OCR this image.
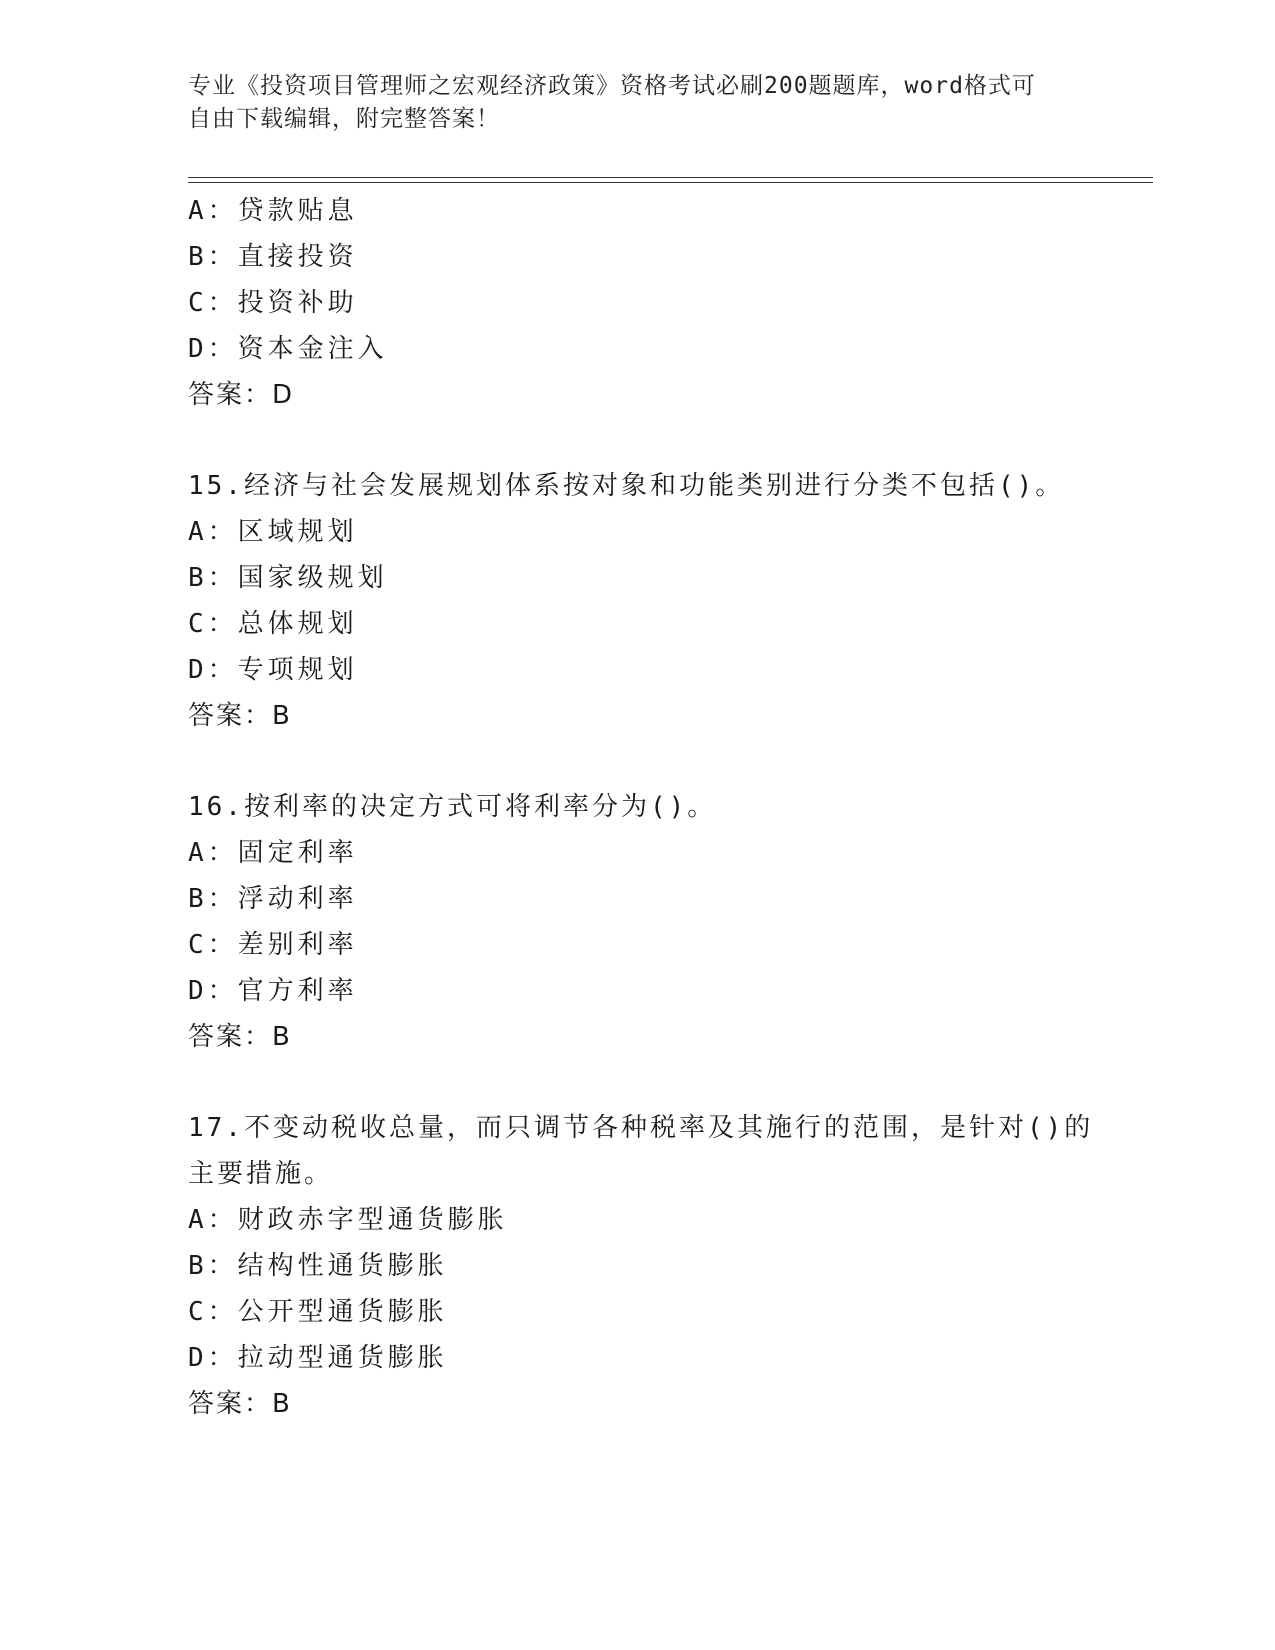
专业《投资项目管理师之宏观经济政策》资格考试必刷200题题库，word格式可
自由下载编辑，附完整答案！
A：贷款贴息
B：直接投资
C：投资补助
D：资本金注入
答案：D
15.经济与社会发展规划体系按对象和功能类别进行分类不包括()。
A：区域规划
B：国家级规划
C：总体规划
D：专项规划
答案：B
16.按利率的决定方式可将利率分为()。
A：固定利率
B：浮动利率
C：差别利率
D：官方利率
答案：B
17.不变动税收总量，而只调节各种税率及其施行的范围，是针对()的
主要措施。
A：财政赤字型通货膨胀
B：结构性通货膨胀
C：公开型通货膨胀
D：拉动型通货膨胀
答案：B
